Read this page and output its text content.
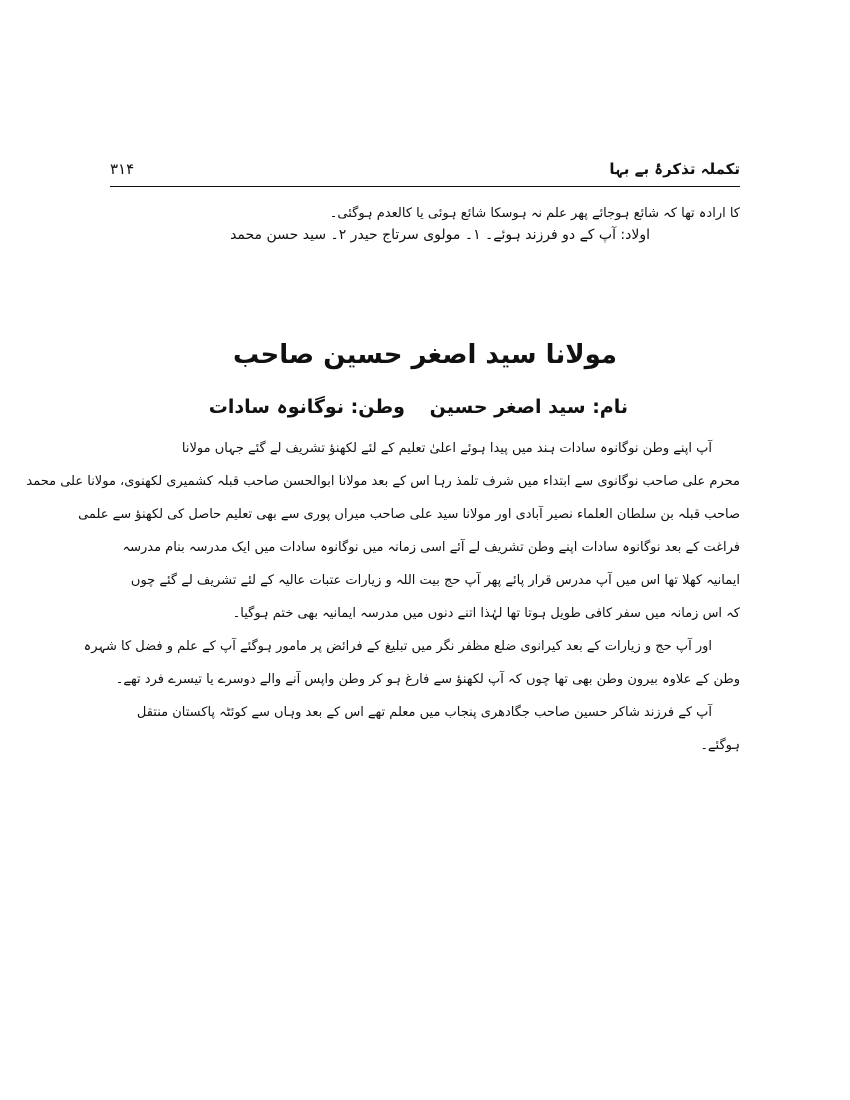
تکملہ تذکرۂ بے بہا
۳۱۴
کا ارادہ تھا کہ شائع ہوجائے پھر علم نہ ہوسکا شائع ہوئی یا کالعدم ہوگئی۔
اولاد: آپ کے دو فرزند ہوئے۔ ۱۔ مولوی سرتاج حیدر ۲۔ سید حسن محمد
مولانا سید اصغر حسین صاحب
نام: سید اصغر حسین
وطن: نوگانوہ سادات
آپ اپنے وطن نوگانوہ سادات ہند میں پیدا ہوئے اعلیٰ تعلیم کے لئے لکھنؤ تشریف لے گئے جہاں مولانا
محرم علی صاحب نوگانوی سے ابتداء میں شرف تلمذ رہا اس کے بعد مولانا ابوالحسن صاحب قبلہ کشمیری لکھنوی، مولانا علی محمد
صاحب قبلہ بن سلطان العلماء نصیر آبادی اور مولانا سید علی صاحب میراں پوری سے بھی تعلیم حاصل کی لکھنؤ سے علمی
فراغت کے بعد نوگانوہ سادات اپنے وطن تشریف لے آئے اسی زمانہ میں نوگانوہ سادات میں ایک مدرسہ بنام مدرسہ
ایمانیہ کھلا تھا اس میں آپ مدرس قرار پائے پھر آپ حج بیت اللہ و زیارات عتبات عالیہ کے لئے تشریف لے گئے چوں
کہ اس زمانہ میں سفر کافی طویل ہوتا تھا لہٰذا اتنے دنوں میں مدرسہ ایمانیہ بھی ختم ہوگیا۔
اور آپ حج و زیارات کے بعد کیرانوی ضلع مظفر نگر میں تبلیغ کے فرائض پر مامور ہوگئے آپ کے علم و فضل کا شہرہ
وطن کے علاوہ بیرون وطن بھی تھا چوں کہ آپ لکھنؤ سے فارغ ہو کر وطن واپس آنے والے دوسرے یا تیسرے فرد تھے۔
آپ کے فرزند شاکر حسین صاحب جگادھری پنجاب میں معلم تھے اس کے بعد وہاں سے کوئٹہ پاکستان منتقل
ہوگئے۔
